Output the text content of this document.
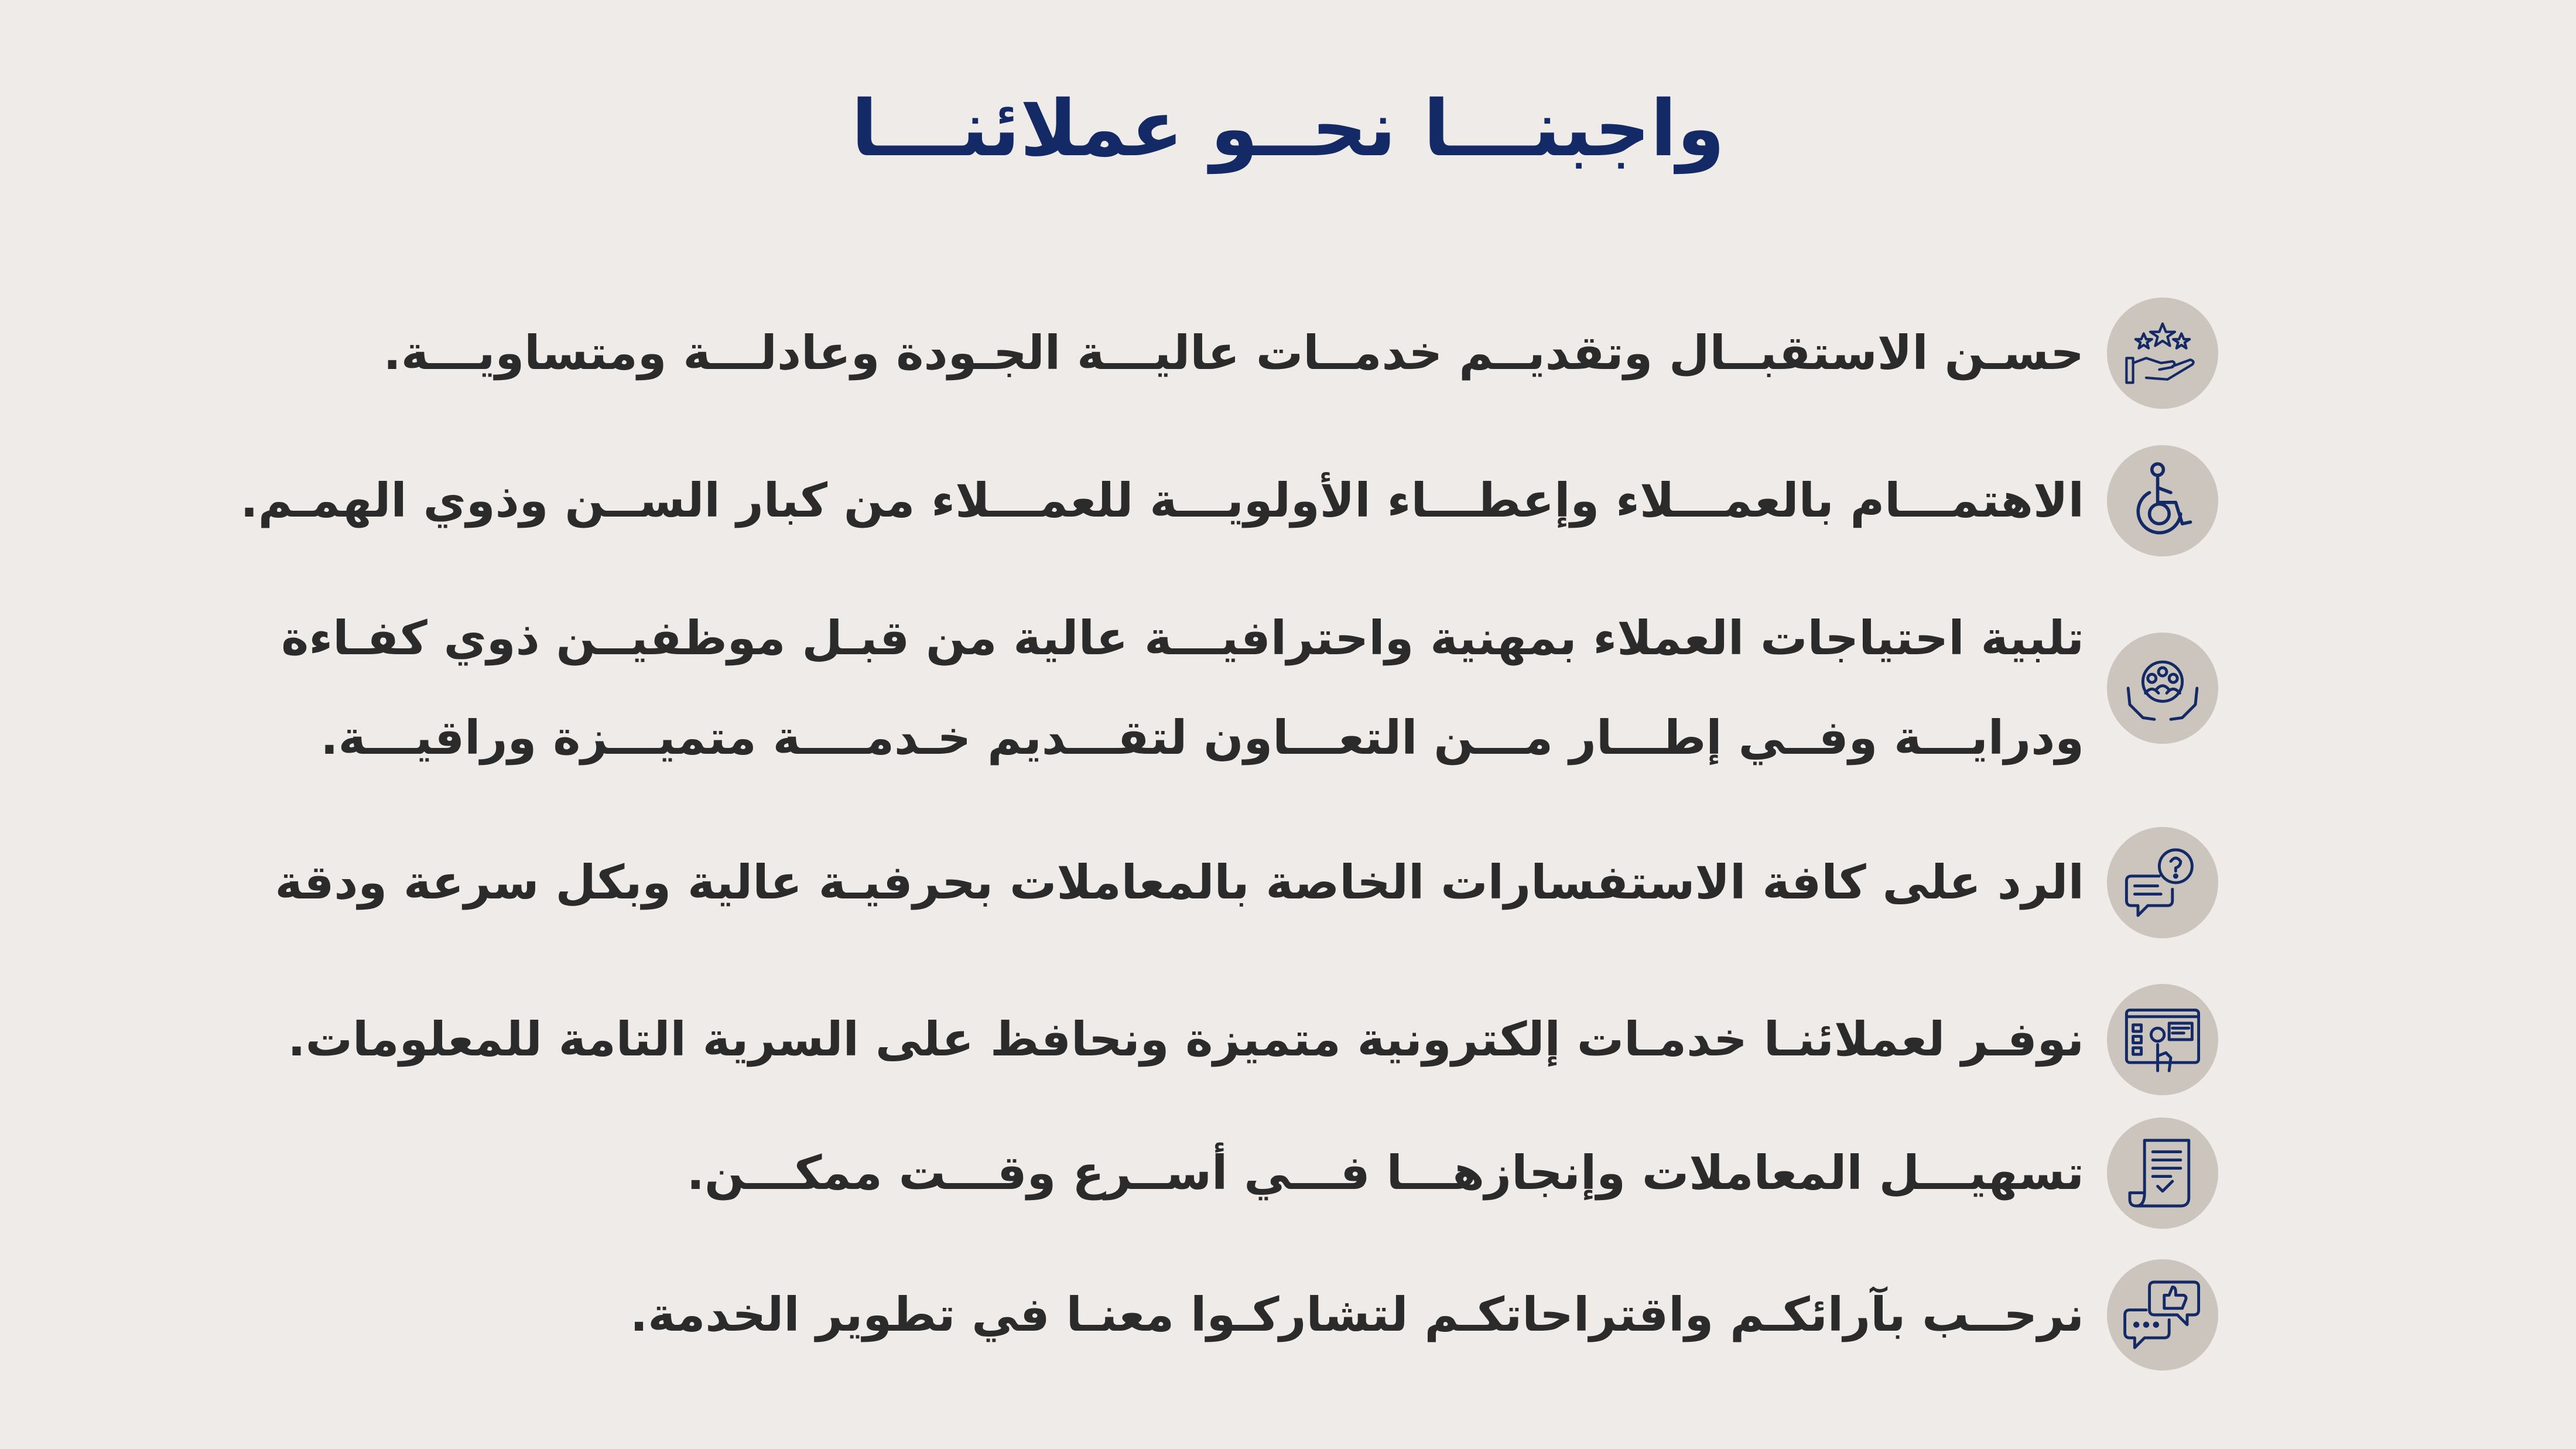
واجبنـــا نحــو عملائنـــا

حسـن الاستقبــال وتقديــم خدمــات عاليـــة الجـودة وعادلـــة ومتساويـــة.

الاهتمـــام بالعمـــلاء وإعطـــاء الأولويـــة للعمـــلاء من كبار الســن وذوي الهمـم.

تلبية احتياجات العملاء بمهنية واحترافيـــة عالية من قبـل موظفيــن ذوي كفـاءة
ودرايـــة وفــي إطـــار مـــن التعـــاون لتقـــديم خـدمــــة متميـــزة وراقيـــة.

الرد على كافة الاستفسارات الخاصة بالمعاملات بحرفيـة عالية وبكل سرعة ودقة

نوفـر لعملائنـا خدمـات إلكترونية متميزة ونحافظ على السرية التامة للمعلومات.

تسهيـــل المعاملات وإنجازهـــا فـــي أســرع وقـــت ممكـــن.

نرحــب بآرائكـم واقتراحاتكـم لتشاركـوا معنـا في تطوير الخدمة.
